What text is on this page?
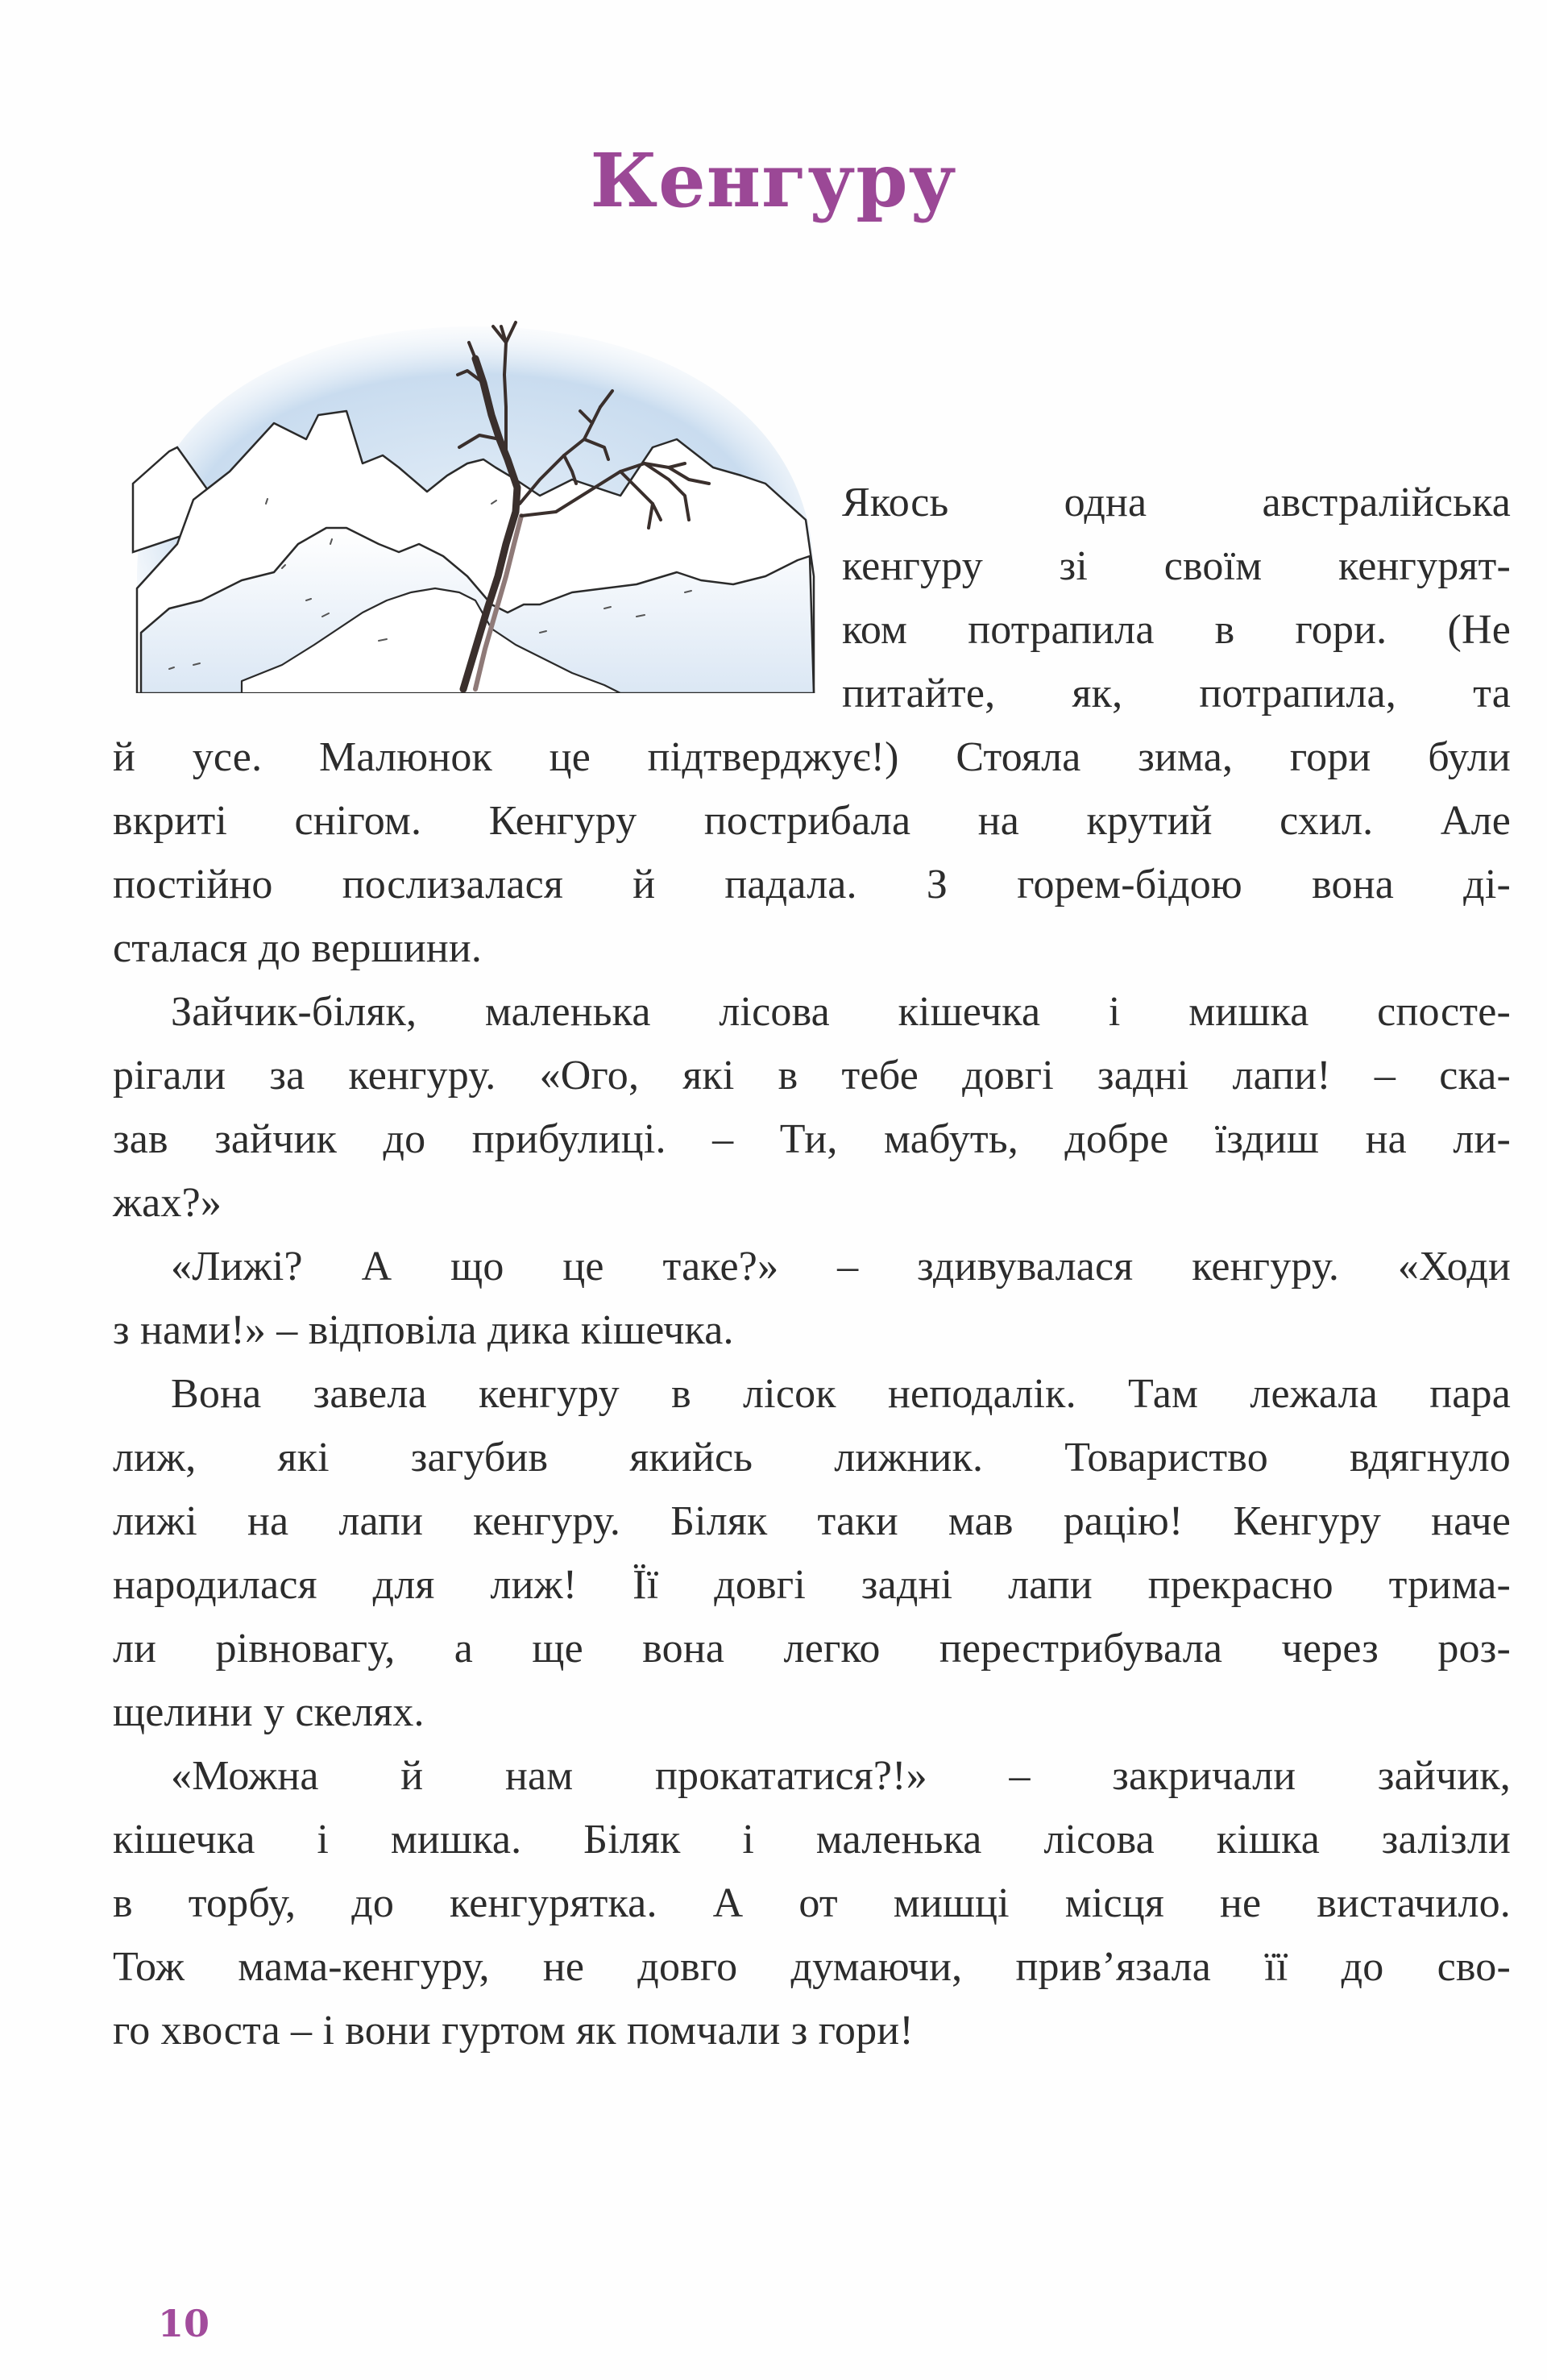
Кенгуру
Якось одна австралійська
кенгуру зі своїм кенгурят-
ком потрапила в гори. (Не
питайте, як, потрапила, та
й усе. Малюнок це підтверджує!) Стояла зима, гори були
вкриті снігом. Кенгуру пострибала на крутий схил. Але
постійно послизалася й падала. З горем-бідою вона ді-
сталася до вершини.
Зайчик-біляк, маленька лісова кішечка і мишка спосте-
рігали за кенгуру. «Ого, які в тебе довгі задні лапи! – ска-
зав зайчик до прибулиці. – Ти, мабуть, добре їздиш на ли-
жах?»
«Лижі? А що це таке?» – здивувалася кенгуру. «Ходи
з нами!» – відповіла дика кішечка.
Вона завела кенгуру в лісок неподалік. Там лежала пара
лиж, які загубив якийсь лижник. Товариство вдягнуло
лижі на лапи кенгуру. Біляк таки мав рацію! Кенгуру наче
народилася для лиж! Її довгі задні лапи прекрасно трима-
ли рівновагу, а ще вона легко перестрибувала через роз-
щелини у скелях.
«Можна й нам прокататися?!» – закричали зайчик,
кішечка і мишка. Біляк і маленька лісова кішка залізли
в торбу, до кенгурятка. А от мишці місця не вистачило.
Тож мама-кенгуру, не довго думаючи, прив’язала її до сво-
го хвоста – і вони гуртом як помчали з гори!
10
